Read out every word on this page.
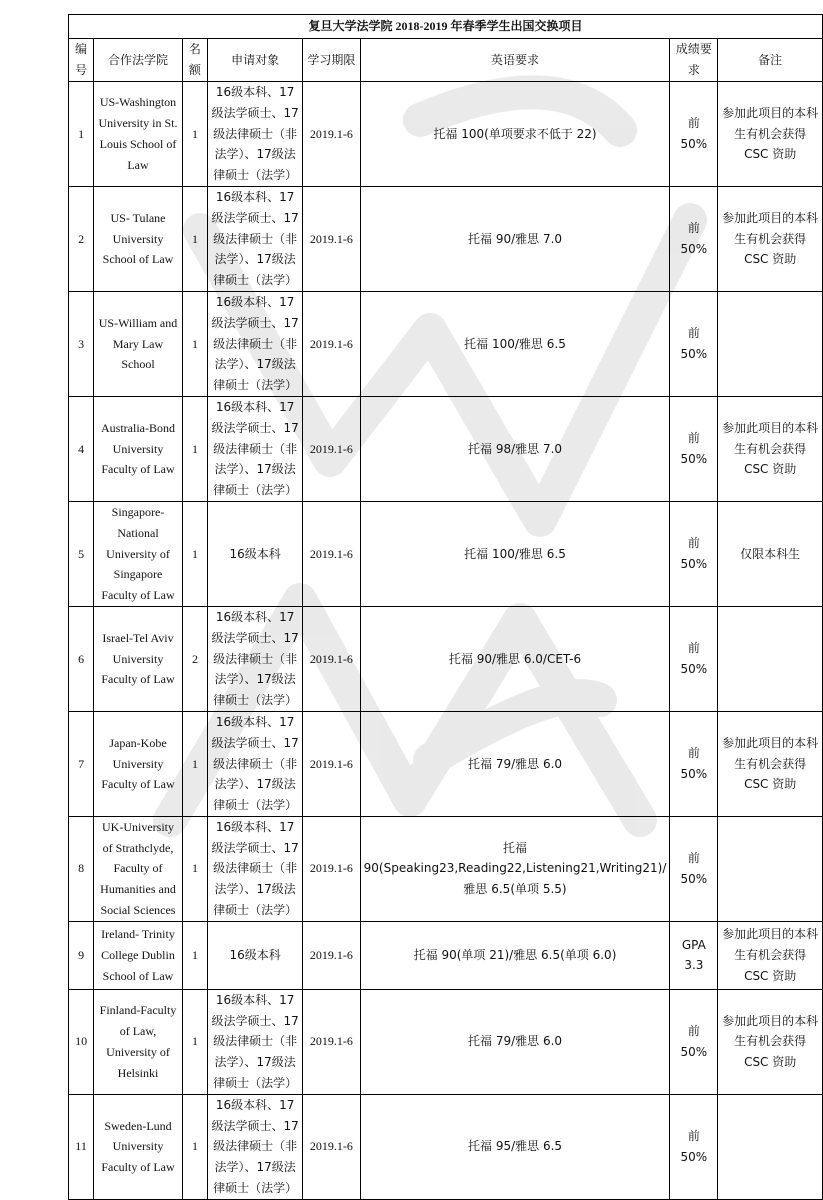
复旦大学法学院 2018-2019 年春季学生出国交换项目							
编号	合作法学院	名额	申请对象	学习期限	英语要求	成绩要求	备注
1	US-Washington University in St. Louis School of Law	1	16级本科、17级法学硕士、17级法律硕士（非法学）、17级法律硕士（法学）	2019.1-6	托福 100(单项要求不低于 22)	前 50%	参加此项目的本科生有机会获得 CSC 资助
2	US- Tulane University School of Law	1	16级本科、17级法学硕士、17级法律硕士（非法学）、17级法律硕士（法学）	2019.1-6	托福 90/雅思 7.0	前 50%	参加此项目的本科生有机会获得 CSC 资助
3	US-William and Mary Law School	1	16级本科、17级法学硕士、17级法律硕士（非法学）、17级法律硕士（法学）	2019.1-6	托福 100/雅思 6.5	前 50%	
4	Australia-Bond University Faculty of Law	1	16级本科、17级法学硕士、17级法律硕士（非法学）、17级法律硕士（法学）	2019.1-6	托福 98/雅思 7.0	前 50%	参加此项目的本科生有机会获得 CSC 资助
5	Singapore-National University of Singapore Faculty of Law	1	16级本科	2019.1-6	托福 100/雅思 6.5	前 50%	仅限本科生
6	Israel-Tel Aviv University Faculty of Law	2	16级本科、17级法学硕士、17级法律硕士（非法学）、17级法律硕士（法学）	2019.1-6	托福 90/雅思 6.0/CET-6	前 50%	
7	Japan-Kobe University Faculty of Law	1	16级本科、17级法学硕士、17级法律硕士（非法学）、17级法律硕士（法学）	2019.1-6	托福 79/雅思 6.0	前 50%	参加此项目的本科生有机会获得 CSC 资助
8	UK-University of Strathclyde, Faculty of Humanities and Social Sciences	1	16级本科、17级法学硕士、17级法律硕士（非法学）、17级法律硕士（法学）	2019.1-6	托福 90(Speaking23,Reading22,Listening21,Writing21)/雅思 6.5(单项 5.5)	前 50%	
9	Ireland- Trinity College Dublin School of Law	1	16级本科	2019.1-6	托福 90(单项 21)/雅思 6.5(单项 6.0)	GPA 3.3	参加此项目的本科生有机会获得 CSC 资助
10	Finland-Faculty of Law, University of Helsinki	1	16级本科、17级法学硕士、17级法律硕士（非法学）、17级法律硕士（法学）	2019.1-6	托福 79/雅思 6.0	前 50%	参加此项目的本科生有机会获得 CSC 资助
11	Sweden-Lund University Faculty of Law	1	16级本科、17级法学硕士、17级法律硕士（非法学）、17级法律硕士（法学）	2019.1-6	托福 95/雅思 6.5	前 50%	
